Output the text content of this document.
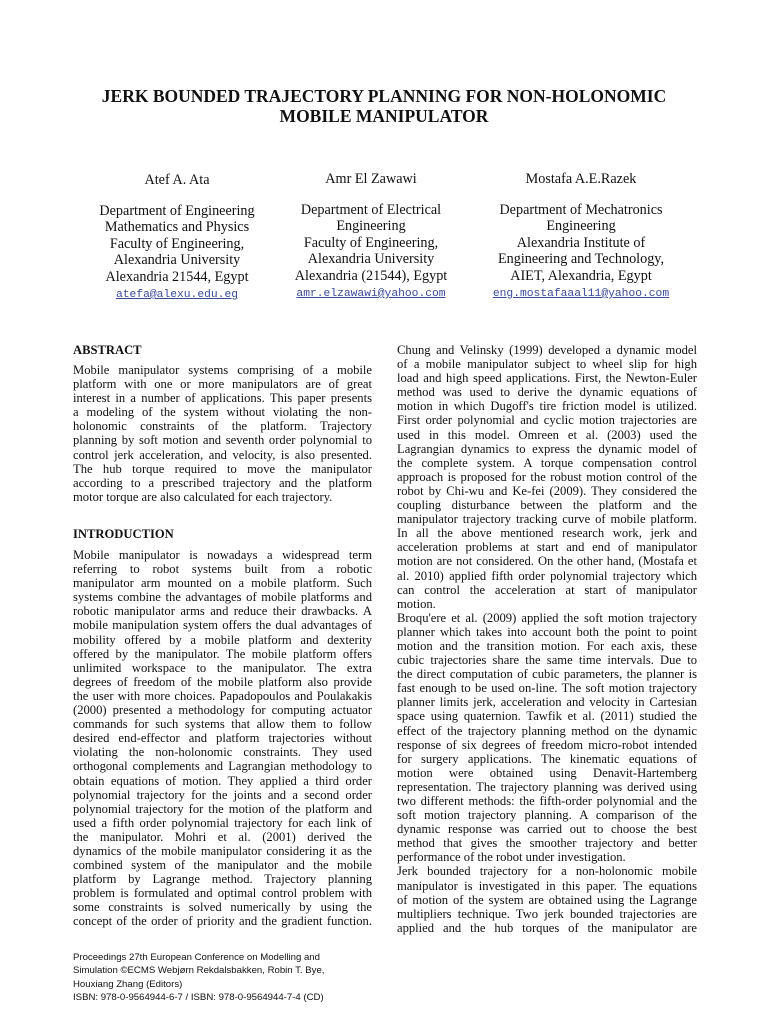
JERK BOUNDED TRAJECTORY PLANNING FOR NON-HOLONOMIC
MOBILE MANIPULATOR
Atef A. Ata
Department of Engineering
Mathematics and Physics
Faculty of Engineering,
Alexandria University
Alexandria 21544, Egypt
atefa@alexu.edu.eg
Amr El Zawawi
Department of Electrical
Engineering
Faculty of Engineering,
Alexandria University
Alexandria (21544), Egypt
amr.elzawawi@yahoo.com
Mostafa A.E.Razek
Department of Mechatronics
Engineering
Alexandria Institute of
Engineering and Technology,
AIET, Alexandria, Egypt
eng.mostafaaal11@yahoo.com
ABSTRACT
Mobile manipulator systems comprising of a mobile
platform with one or more manipulators are of great
interest in a number of applications. This paper presents
a modeling of the system without violating the non-
holonomic constraints of the platform. Trajectory
planning by soft motion and seventh order polynomial to
control jerk acceleration, and velocity, is also presented.
The hub torque required to move the manipulator
according to a prescribed trajectory and the platform
motor torque are also calculated for each trajectory.
INTRODUCTION
Mobile manipulator is nowadays a widespread term
referring to robot systems built from a robotic
manipulator arm mounted on a mobile platform. Such
systems combine the advantages of mobile platforms and
robotic manipulator arms and reduce their drawbacks. A
mobile manipulation system offers the dual advantages of
mobility offered by a mobile platform and dexterity
offered by the manipulator. The mobile platform offers
unlimited workspace to the manipulator. The extra
degrees of freedom of the mobile platform also provide
the user with more choices. Papadopoulos and Poulakakis
(2000) presented a methodology for computing actuator
commands for such systems that allow them to follow
desired end-effector and platform trajectories without
violating the non-holonomic constraints. They used
orthogonal complements and Lagrangian methodology to
obtain equations of motion. They applied a third order
polynomial trajectory for the joints and a second order
polynomial trajectory for the motion of the platform and
used a fifth order polynomial trajectory for each link of
the manipulator. Mohri et al. (2001) derived the
dynamics of the mobile manipulator considering it as the
combined system of the manipulator and the mobile
platform by Lagrange method. Trajectory planning
problem is formulated and optimal control problem with
some constraints is solved numerically by using the
concept of the order of priority and the gradient function.
Chung and Velinsky (1999) developed a dynamic model
of a mobile manipulator subject to wheel slip for high
load and high speed applications. First, the Newton-Euler
method was used to derive the dynamic equations of
motion in which Dugoff's tire friction model is utilized.
First order polynomial and cyclic motion trajectories are
used in this model. Omreen et al. (2003) used the
Lagrangian dynamics to express the dynamic model of
the complete system. A torque compensation control
approach is proposed for the robust motion control of the
robot by Chi-wu and Ke-fei (2009). They considered the
coupling disturbance between the platform and the
manipulator trajectory tracking curve of mobile platform.
In all the above mentioned research work, jerk and
acceleration problems at start and end of manipulator
motion are not considered. On the other hand, (Mostafa et
al. 2010) applied fifth order polynomial trajectory which
can control the acceleration at start of manipulator
motion.
Broqu'ere et al. (2009) applied the soft motion trajectory
planner which takes into account both the point to point
motion and the transition motion. For each axis, these
cubic trajectories share the same time intervals. Due to
the direct computation of cubic parameters, the planner is
fast enough to be used on-line. The soft motion trajectory
planner limits jerk, acceleration and velocity in Cartesian
space using quaternion. Tawfik et al. (2011) studied the
effect of the trajectory planning method on the dynamic
response of six degrees of freedom micro-robot intended
for surgery applications. The kinematic equations of
motion were obtained using Denavit-Hartemberg
representation. The trajectory planning was derived using
two different methods: the fifth-order polynomial and the
soft motion trajectory planning. A comparison of the
dynamic response was carried out to choose the best
method that gives the smoother trajectory and better
performance of the robot under investigation.
Jerk bounded trajectory for a non-holonomic mobile
manipulator is investigated in this paper. The equations
of motion of the system are obtained using the Lagrange
multipliers technique. Two jerk bounded trajectories are
applied and the hub torques of the manipulator are
Proceedings 27th European Conference on Modelling and
Simulation ©ECMS Webjørn Rekdalsbakken, Robin T. Bye,
Houxiang Zhang (Editors)
ISBN: 978-0-9564944-6-7 / ISBN: 978-0-9564944-7-4 (CD)
